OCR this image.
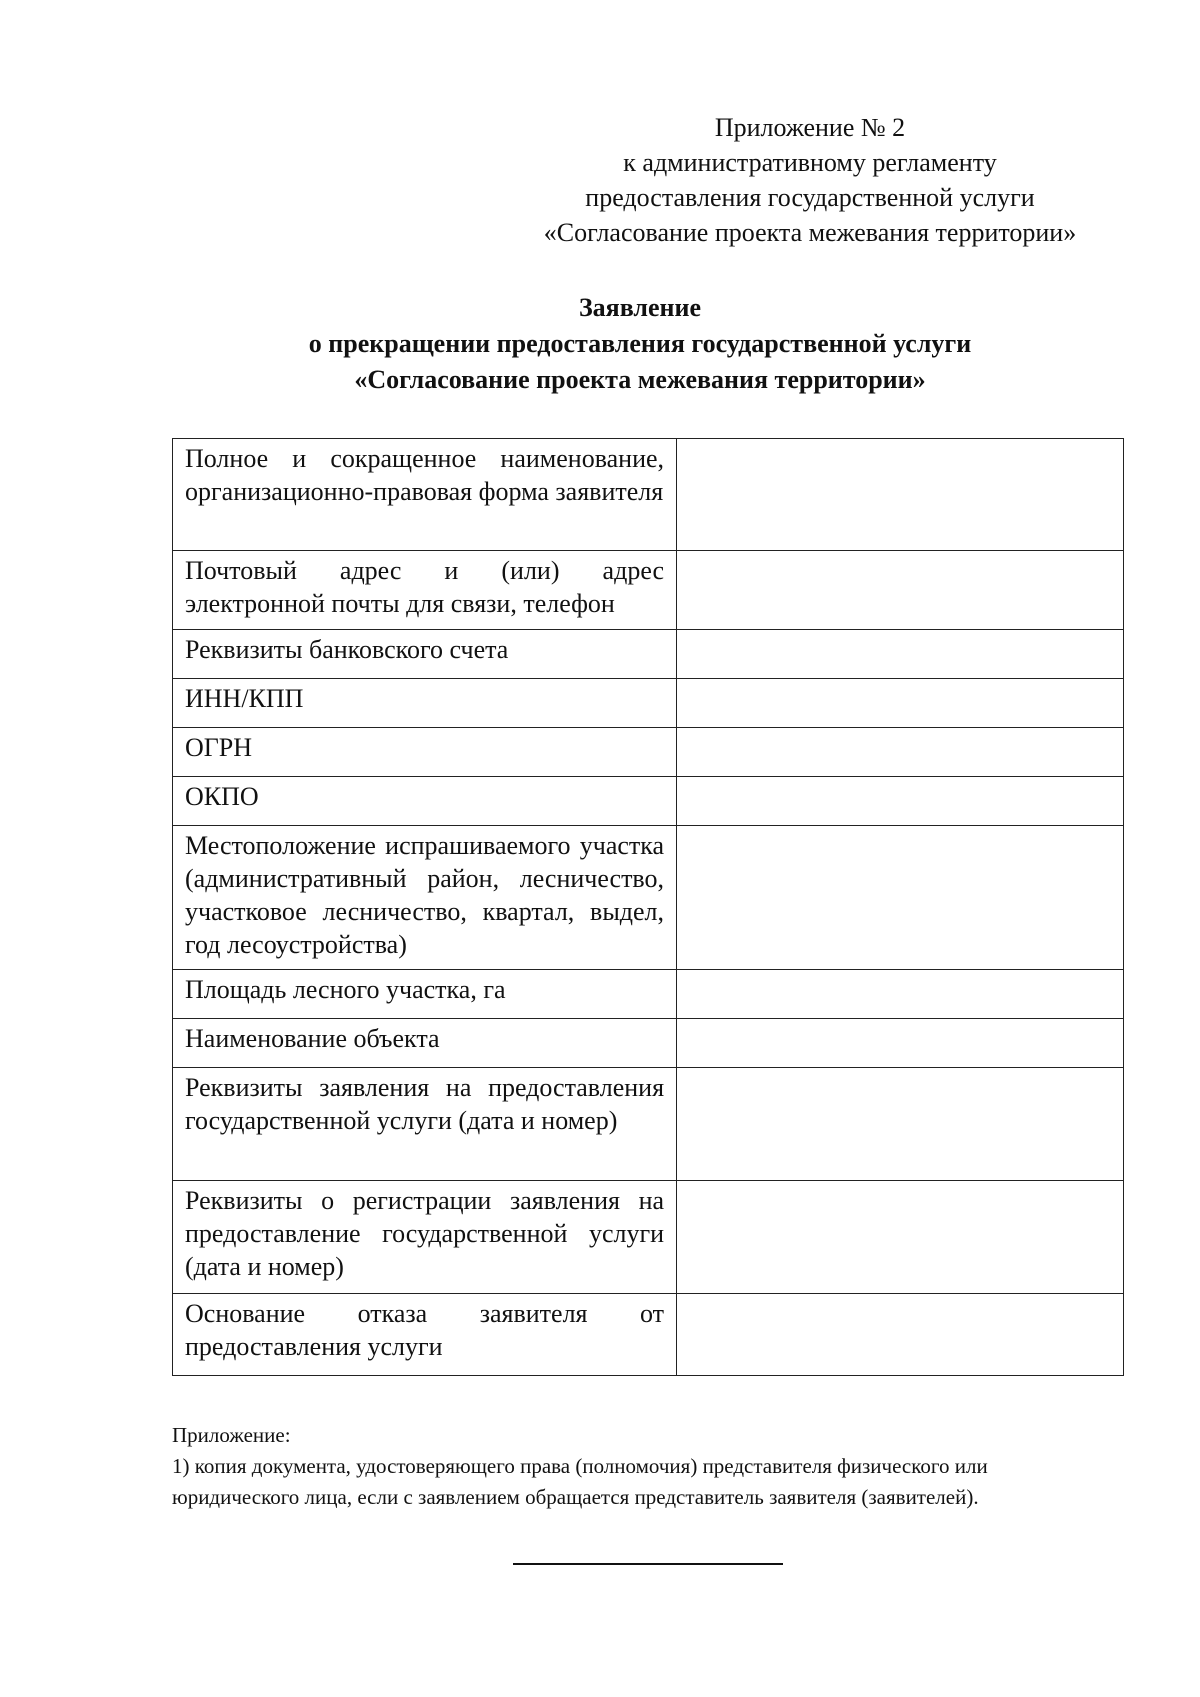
Приложение № 2
к административному регламенту
предоставления государственной услуги
«Согласование проекта межевания территории»
Заявление
о прекращении предоставления государственной услуги
«Согласование проекта межевания территории»
Полное и сокращенное наименование, организационно-правовая форма заявителя	
Почтовый адрес и (или) адрес электронной почты для связи, телефон	
Реквизиты банковского счета	
ИНН/КПП	
ОГРН	
ОКПО	
Местоположение испрашиваемого участка (административный район, лесничество, участковое лесничество, квартал, выдел, год лесоустройства)	
Площадь лесного участка, га	
Наименование объекта	
Реквизиты заявления на предоставления государственной услуги (дата и номер)	
Реквизиты о регистрации заявления на предоставление государственной услуги (дата и номер)	
Основание отказа заявителя от предоставления услуги	
Приложение:
1) копия документа, удостоверяющего права (полномочия) представителя физического или
юридического лица, если с заявлением обращается представитель заявителя (заявителей).
